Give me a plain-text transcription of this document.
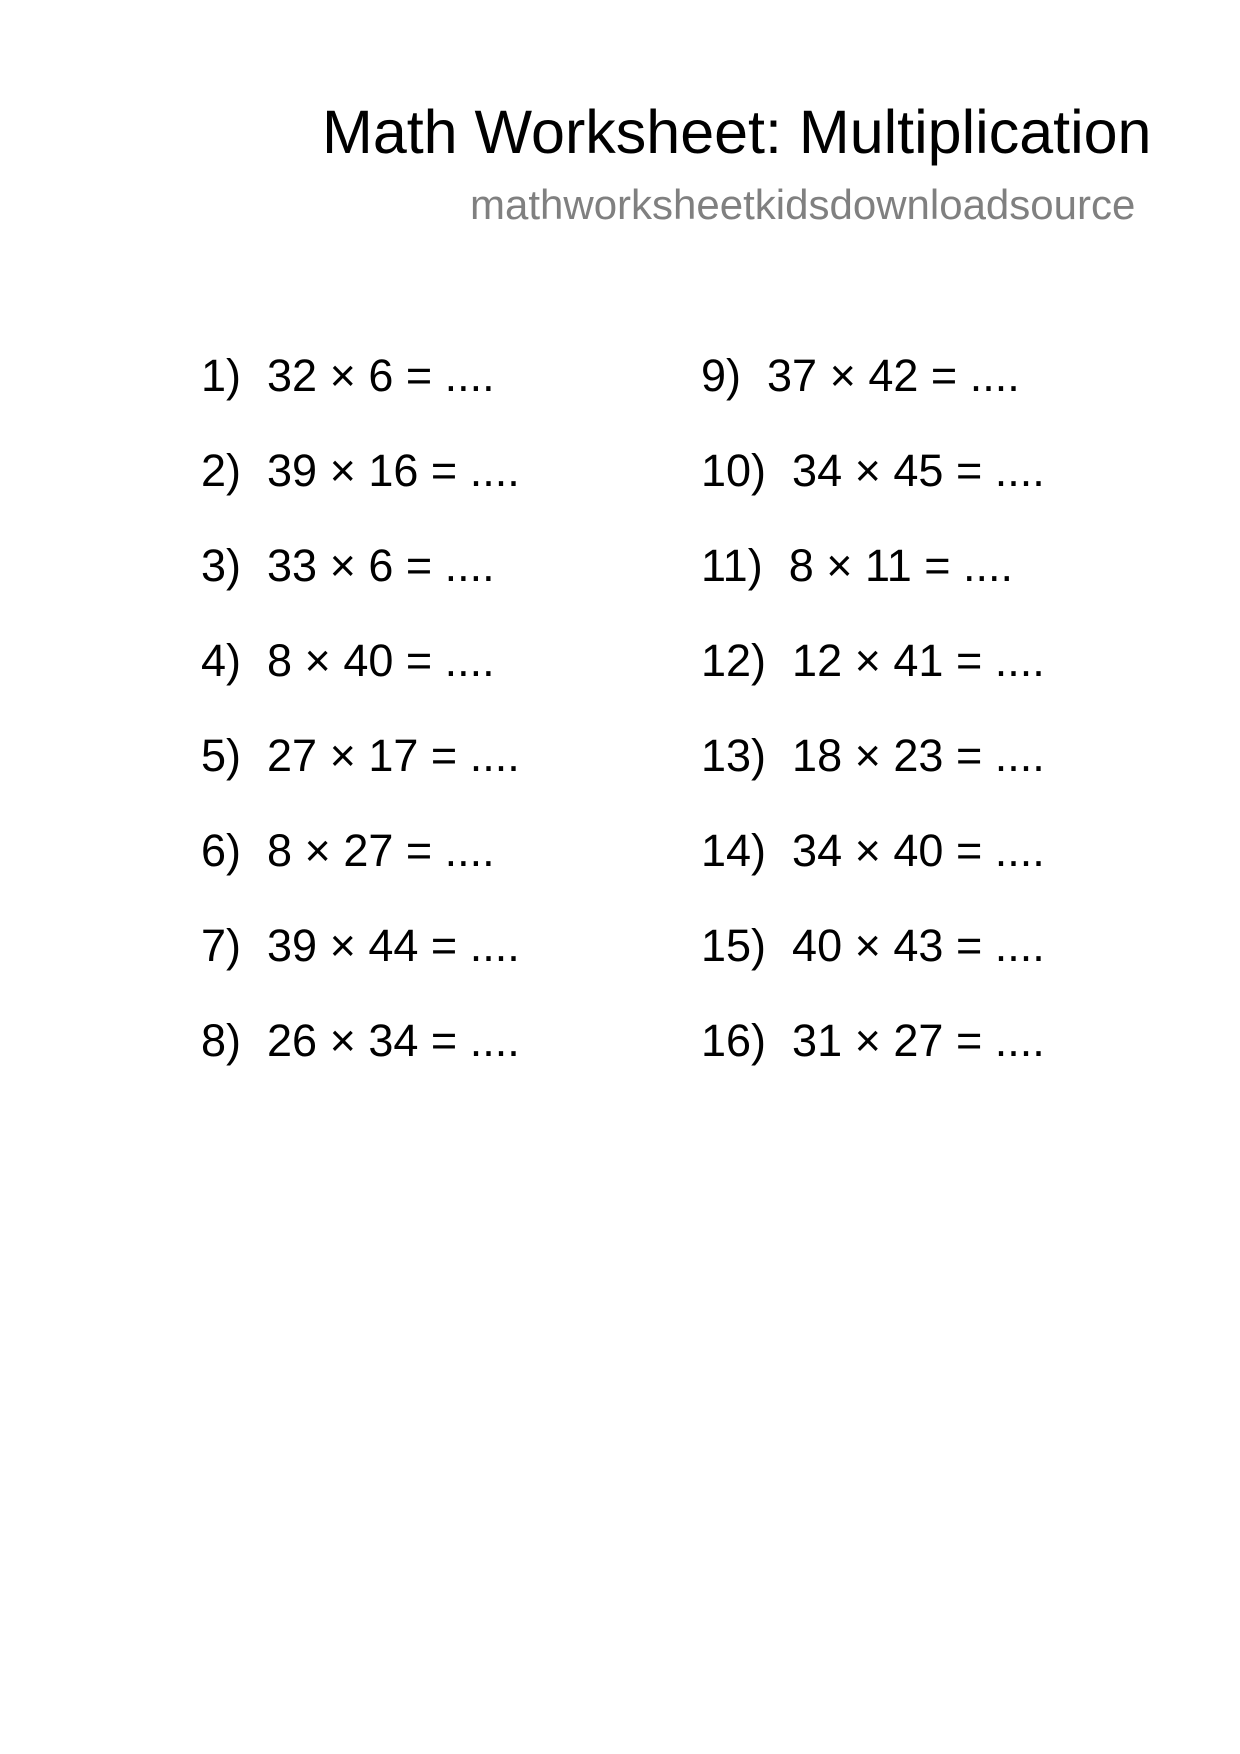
Math Worksheet: Multiplication
mathworksheetkidsdownloadsource
1) 32 × 6 = ....
2) 39 × 16 = ....
3) 33 × 6 = ....
4) 8 × 40 = ....
5) 27 × 17 = ....
6) 8 × 27 = ....
7) 39 × 44 = ....
8) 26 × 34 = ....
9) 37 × 42 = ....
10) 34 × 45 = ....
11) 8 × 11 = ....
12) 12 × 41 = ....
13) 18 × 23 = ....
14) 34 × 40 = ....
15) 40 × 43 = ....
16) 31 × 27 = ....
